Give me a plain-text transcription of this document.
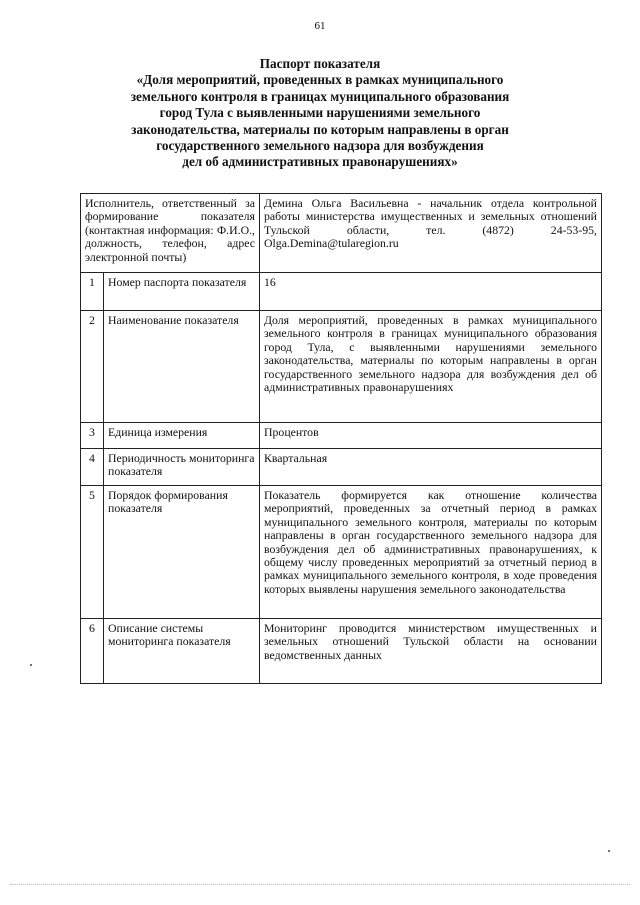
61
Паспорт показателя
«Доля мероприятий, проведенных в рамках муниципального
земельного контроля в границах муниципального образования
город Тула с выявленными нарушениями земельного
законодательства, материалы по которым направлены в орган
государственного земельного надзора для возбуждения
дел об административных правонарушениях»
Исполнитель, ответственный за формирование показателя (контактная информация: Ф.И.О., должность, телефон, адрес электронной почты)		Демина Ольга Васильевна - начальник отдела контрольной работы министерства имущественных и земельных отношений Тульской области, тел. (4872) 24-53-95, Olga.Demina@tularegion.ru
1	Номер паспорта показателя	16
2	Наименование показателя	Доля мероприятий, проведенных в рамках муниципального земельного контроля в границах муниципального образования город Тула, с выявленными нарушениями земельного законодательства, материалы по которым направлены в орган государственного земельного надзора для возбуждения дел об административных правонарушениях
3	Единица измерения	Процентов
4	Периодичность мониторинга показателя	Квартальная
5	Порядок формирования показателя	Показатель формируется как отношение количества мероприятий, проведенных за отчетный период в рамках муниципального земельного контроля, материалы по которым направлены в орган государственного земельного надзора для возбуждения дел об административных правонарушениях, к общему числу проведенных мероприятий за отчетный период в рамках муниципального земельного контроля, в ходе проведения которых выявлены нарушения земельного законодательства
6	Описание системы мониторинга показателя	Мониторинг проводится министерством имущественных и земельных отношений Тульской области на основании ведомственных данных
